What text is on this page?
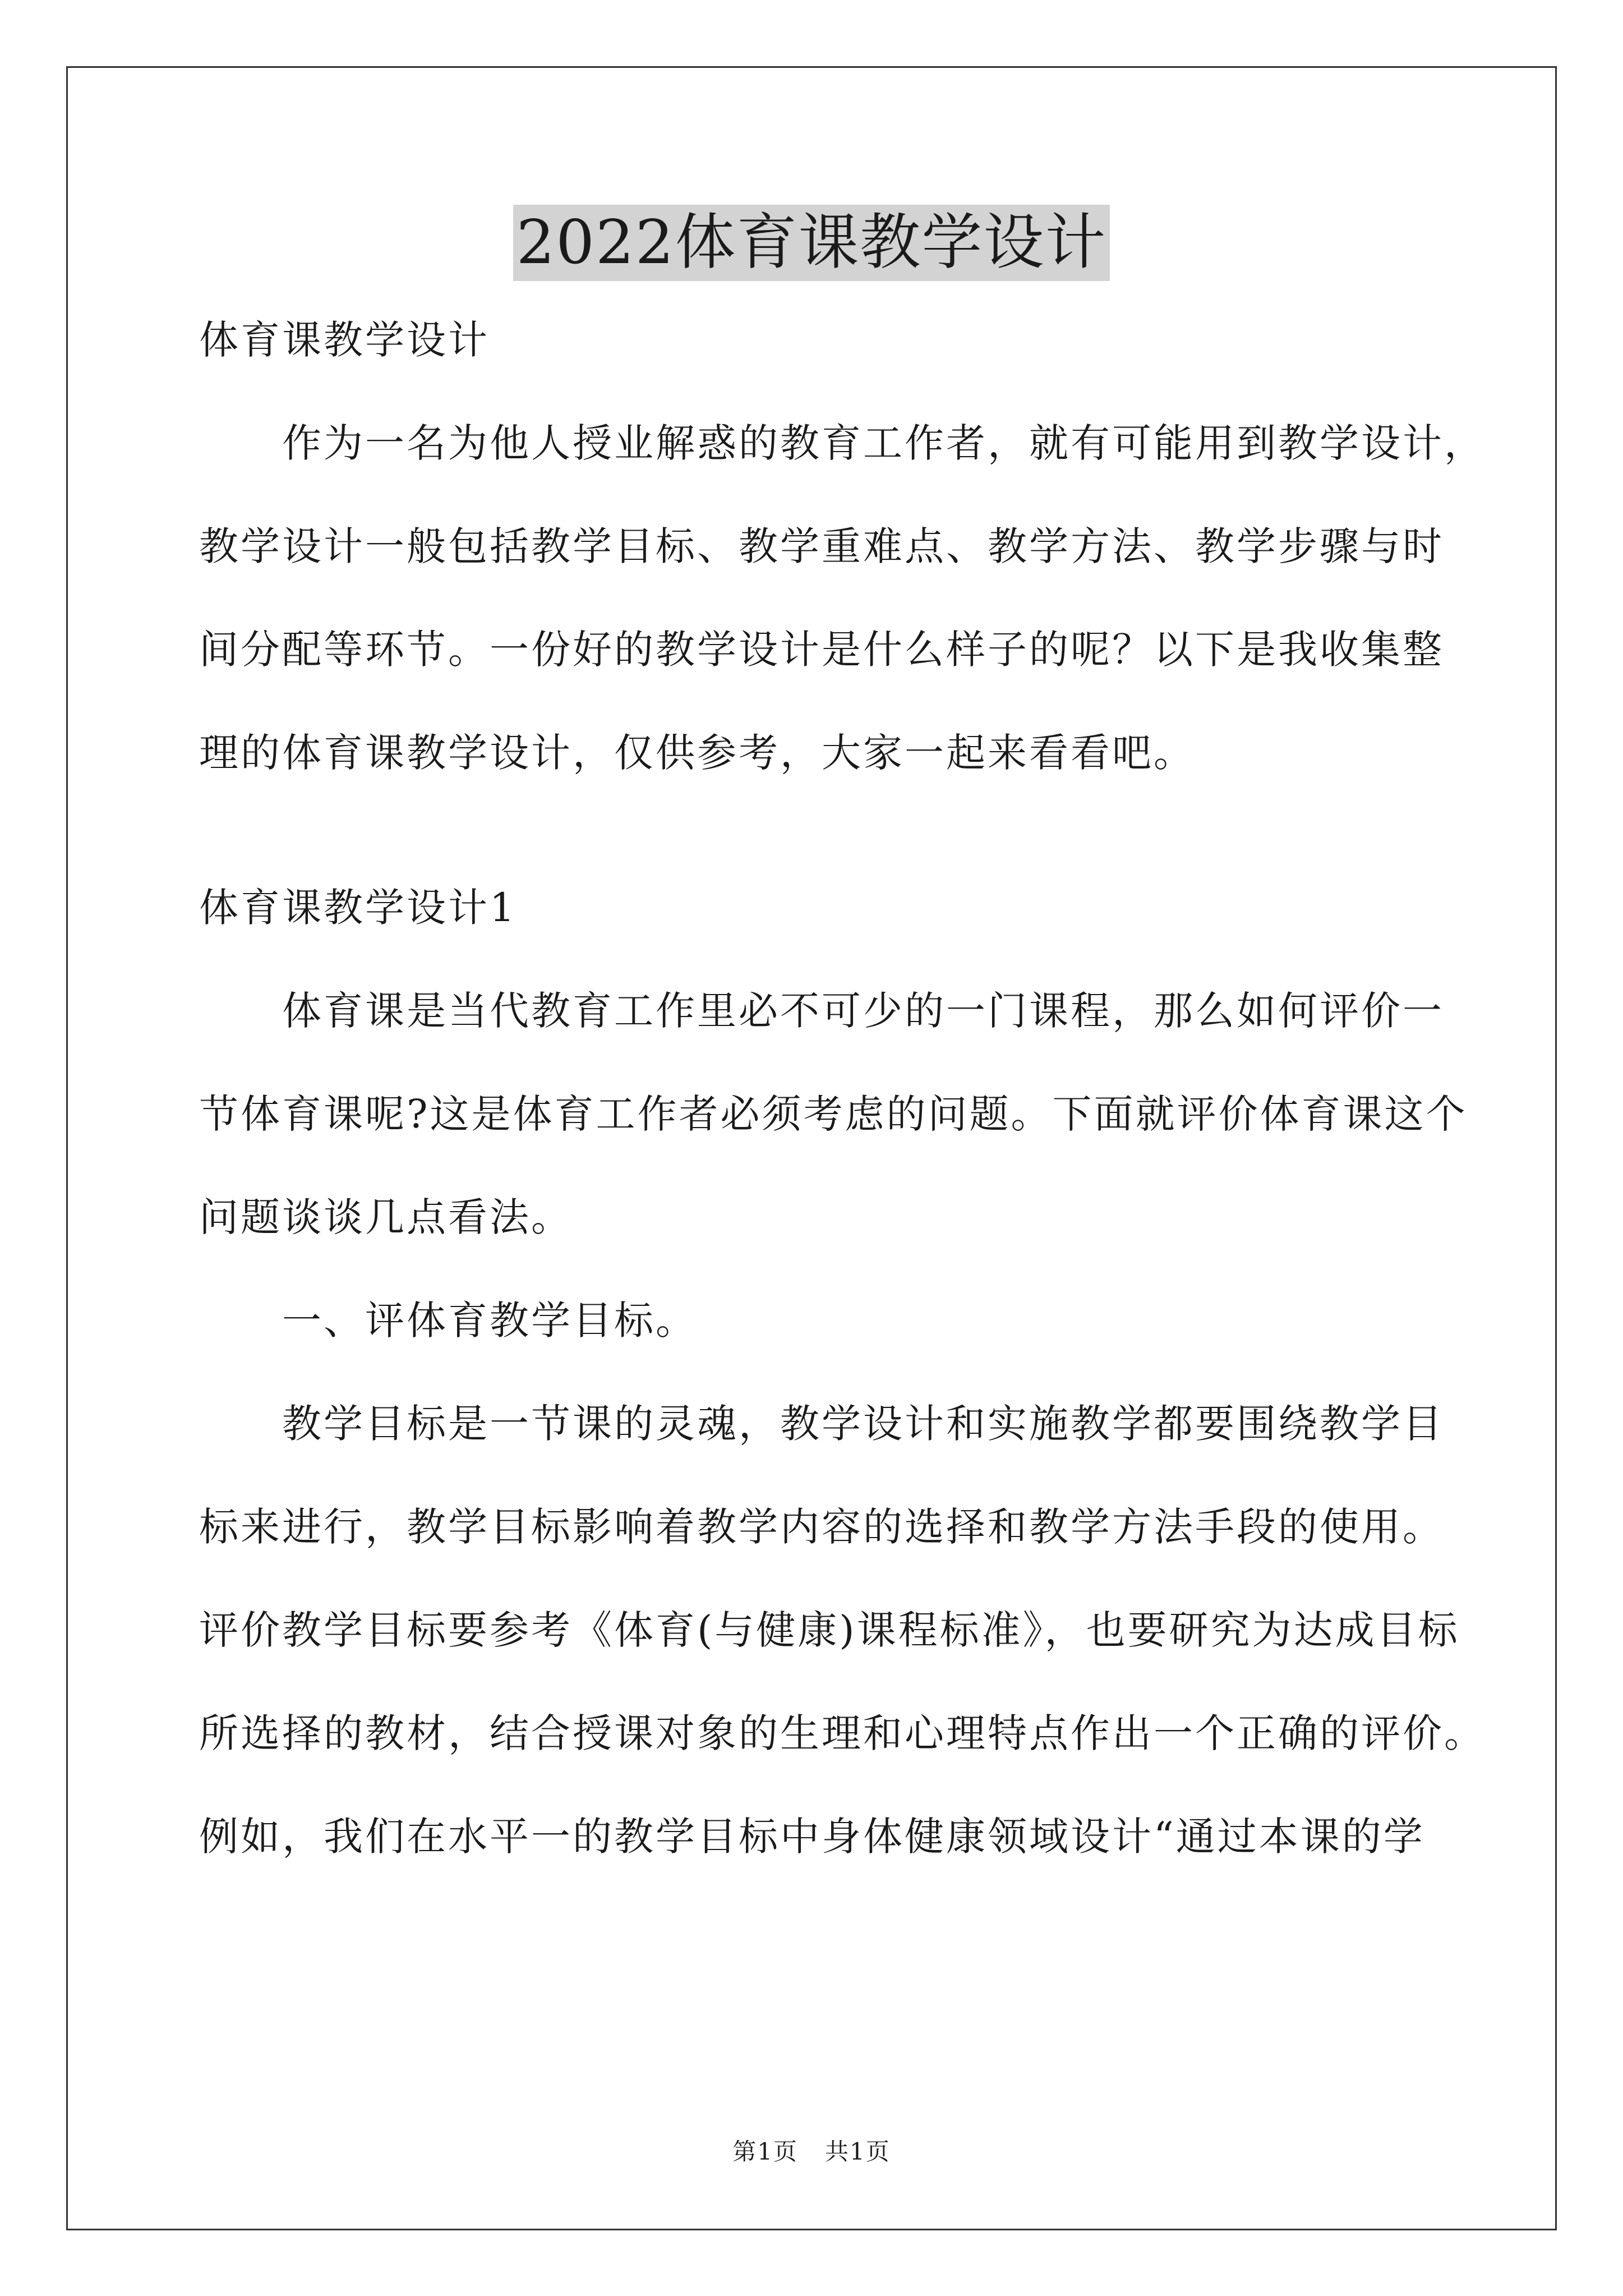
2022体育课教学设计
体育课教学设计
　　作为一名为他人授业解惑的教育工作者，就有可能用到教学设计，
教学设计一般包括教学目标、教学重难点、教学方法、教学步骤与时
间分配等环节。一份好的教学设计是什么样子的呢？以下是我收集整
理的体育课教学设计，仅供参考，大家一起来看看吧。
体育课教学设计1
　　体育课是当代教育工作里必不可少的一门课程，那么如何评价一
节体育课呢?这是体育工作者必须考虑的问题。下面就评价体育课这个
问题谈谈几点看法。
　　一、评体育教学目标。
　　教学目标是一节课的灵魂，教学设计和实施教学都要围绕教学目
标来进行，教学目标影响着教学内容的选择和教学方法手段的使用。
评价教学目标要参考《体育(与健康)课程标准》，也要研究为达成目标
所选择的教材，结合授课对象的生理和心理特点作出一个正确的评价。
例如，我们在水平一的教学目标中身体健康领域设计“通过本课的学
第1页 共1页
